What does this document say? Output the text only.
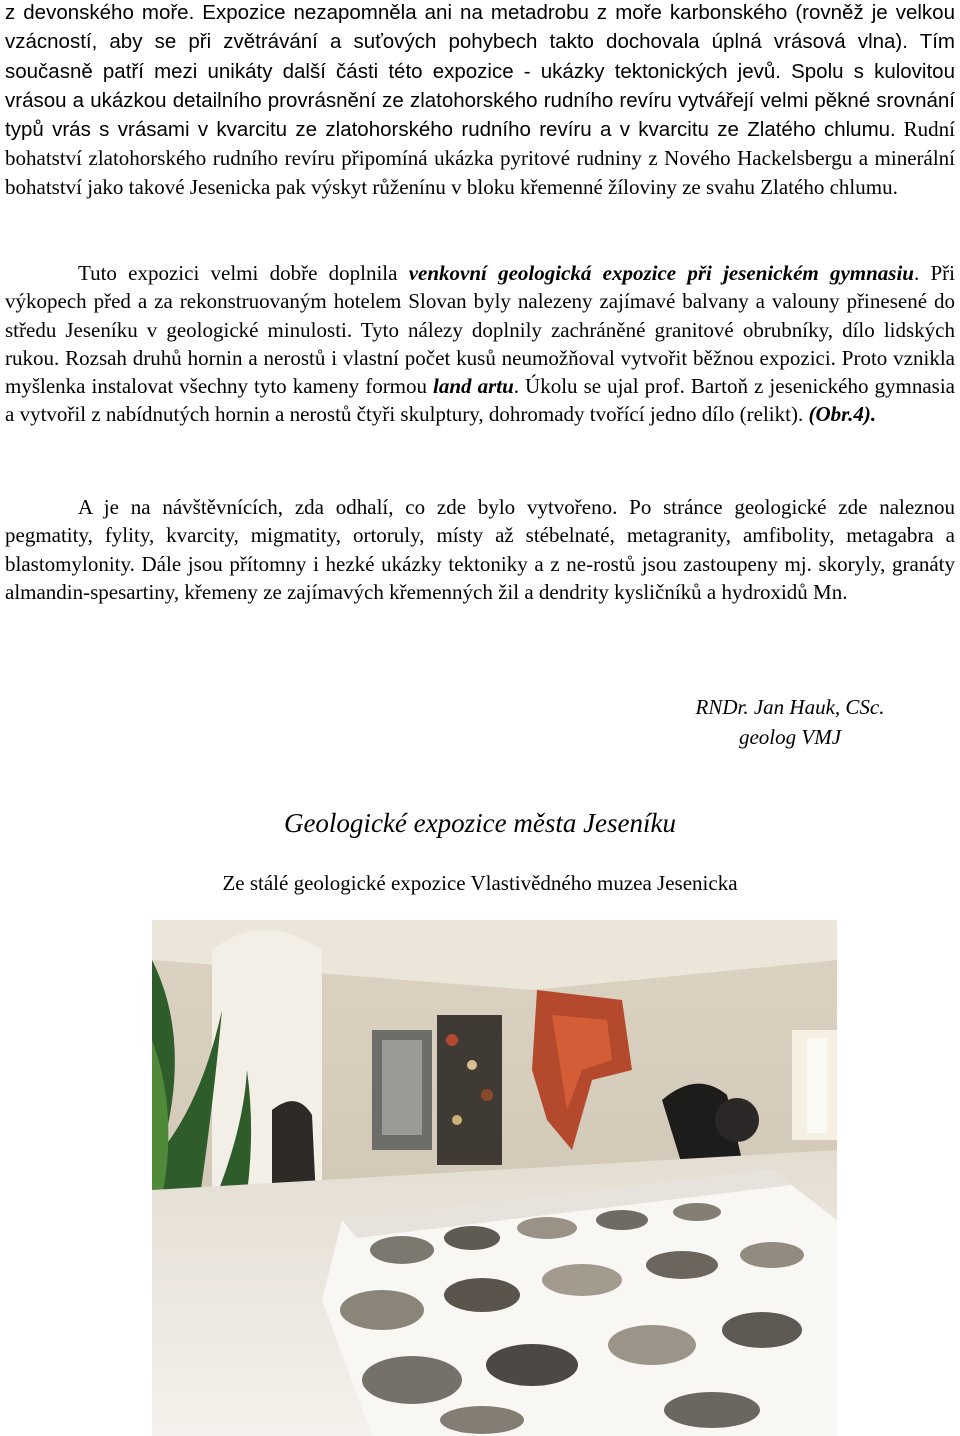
z devonského moře. Expozice nezapomněla ani na metadrobu z moře karbonského (rovněž je velkou vzácností, aby se při zvětrávání a suťových pohybech takto dochovala úplná vrásová vlna). Tím současně patří mezi unikáty další části této expozice - ukázky tektonických jevů. Spolu s kulovitou vrásou a ukázkou detailního provrásnění ze zlatohorského rudního revíru vytvářejí velmi pěkné srovnání typů vrás s vrásami v kvarcitu ze zlatohorského rudního revíru a v kvarcitu ze Zlatého chlumu. Rudní bohatství zlatohorského rudního revíru připomíná ukázka pyritové rudniny z Nového Hackelsbergu a minerální bohatství jako takové Jesenicka pak výskyt růženínu v bloku křemenné žíloviny ze svahu Zlatého chlumu.

Tuto expozici velmi dobře doplnila venkovní geologická expozice při jesenickém gymnasiu. Při výkopech před a za rekonstruovaným hotelem Slovan byly nalezeny zajímavé balvany a valouny přinesené do středu Jeseníku v geologické minulosti. Tyto nálezy doplnily zachráněné granitové obrubníky, dílo lidských rukou. Rozsah druhů hornin a nerostů i vlastní počet kusů neumožňoval vytvořit běžnou expozici. Proto vznikla myšlenka instalovat všechny tyto kameny formou land artu. Úkolu se ujal prof. Bartoň z jesenického gymnasia a vytvořil z nabídnutých hornin a nerostů čtyři skulptury, dohromady tvořící jedno dílo (relikt). (Obr.4).

A je na návštěvnících, zda odhalí, co zde bylo vytvořeno. Po stránce geologické zde naleznou pegmatity, fylity, kvarcity, migmatity, ortoruly, místy až stébelnaté, metagranity, amfibolity, metagabra a blastomylonity. Dále jsou přítomny i hezké ukázky tektoniky a z ne-rostů jsou zastoupeny mj. skoryly, granáty almandin-spesartiny, křemeny ze zajímavých křemenných žil a dendrity kysličníků a hydroxidů Mn.

RNDr. Jan Hauk, CSc.
geolog VMJ
Geologické expozice města Jeseníku
Ze stálé geologické expozice Vlastivědného muzea Jesenicka
